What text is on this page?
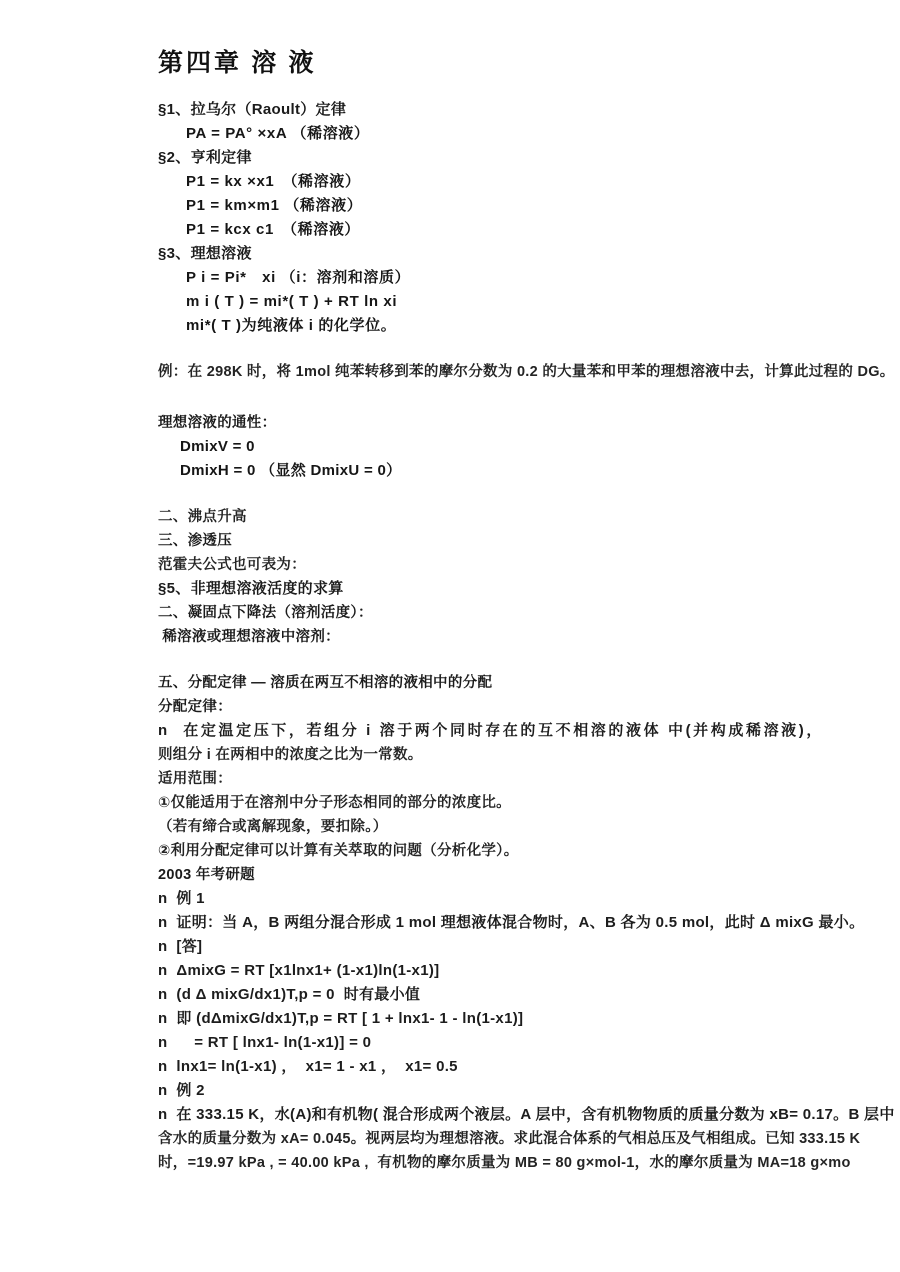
第四章 溶 液
§1、拉乌尔（Raoult）定律
PA = PA° ×xA （稀溶液）
§2、亨利定律
P1 = kx ×x1　（稀溶液）
P1 = km×m1 （稀溶液）
P1 = kcx c1　（稀溶液）
§3、理想溶液
P i = Pi*　xi （i：溶剂和溶质）
m i ( T ) = mi*( T ) + RT ln xi
mi*( T )为纯液体 i 的化学位。
例：在 298K 时，将 1mol 纯苯转移到苯的摩尔分数为 0.2 的大量苯和甲苯的理想溶液中去，计算此过程的 DG。
理想溶液的通性：
DmixV = 0
DmixH = 0 （显然 DmixU = 0）
二、沸点升高
三、渗透压
范霍夫公式也可表为：
§5、非理想溶液活度的求算
二、凝固点下降法（溶剂活度）：
稀溶液或理想溶液中溶剂：
五、分配定律 — 溶质在两互不相溶的液相中的分配
分配定律：
n  在定温定压下，若组分 i 溶于两个同时存在的互不相溶的液体 中(并构成稀溶液)，
则组分 i 在两相中的浓度之比为一常数。
适用范围：
①仅能适用于在溶剂中分子形态相同的部分的浓度比。
（若有缔合或离解现象，要扣除。）
②利用分配定律可以计算有关萃取的问题（分析化学）。
2003 年考研题
n  例 1
n  证明：当 A，B 两组分混合形成 1 mol 理想液体混合物时，A、B 各为 0.5 mol，此时 Δ mixG 最小。
n  [答]
n  ΔmixG = RT [x1lnx1+ (1-x1)ln(1-x1)]
n  (d Δ mixG/dx1)T,p = 0  时有最小值
n  即 (dΔmixG/dx1)T,p = RT [ 1 + lnx1- 1 - ln(1-x1)]
n      = RT [ lnx1- ln(1-x1)] = 0
n  lnx1= ln(1-x1) ，  x1= 1 - x1 ，  x1= 0.5
n  例 2
n  在 333.15 K，水(A)和有机物( 混合形成两个液层。A 层中，含有机物物质的质量分数为 xB= 0.17。B 层中
含水的质量分数为 xA= 0.045。视两层均为理想溶液。求此混合体系的气相总压及气相组成。已知 333.15 K
时，=19.97 kPa , = 40.00 kPa ,  有机物的摩尔质量为 MB = 80 g×mol-1，水的摩尔质量为 MA=18 g×mo
